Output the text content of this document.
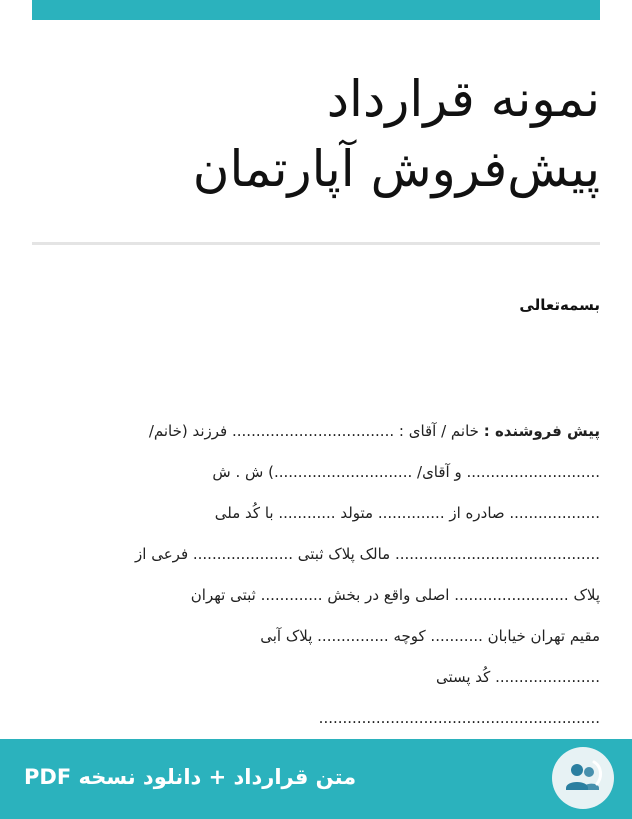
نمونه قرارداد
پیش‌فروش آپارتمان
بسمه‌تعالی
پیش فروشنده : خانم / آقای : .................................. فرزند (خانم/
............................ و آقای/ .............................) ش . ش
................... صادره از .............. متولد ............ با کُد ملی
........................................... مالک پلاک ثبتی ..................... فرعی از
پلاک ........................ اصلی واقع در بخش ............. ثبتی تهران
مقیم تهران خیابان ........... کوچه ............... پلاک آبی
...................... کُد پستی
...........................................................
متن قرارداد + دانلود نسخه PDF
